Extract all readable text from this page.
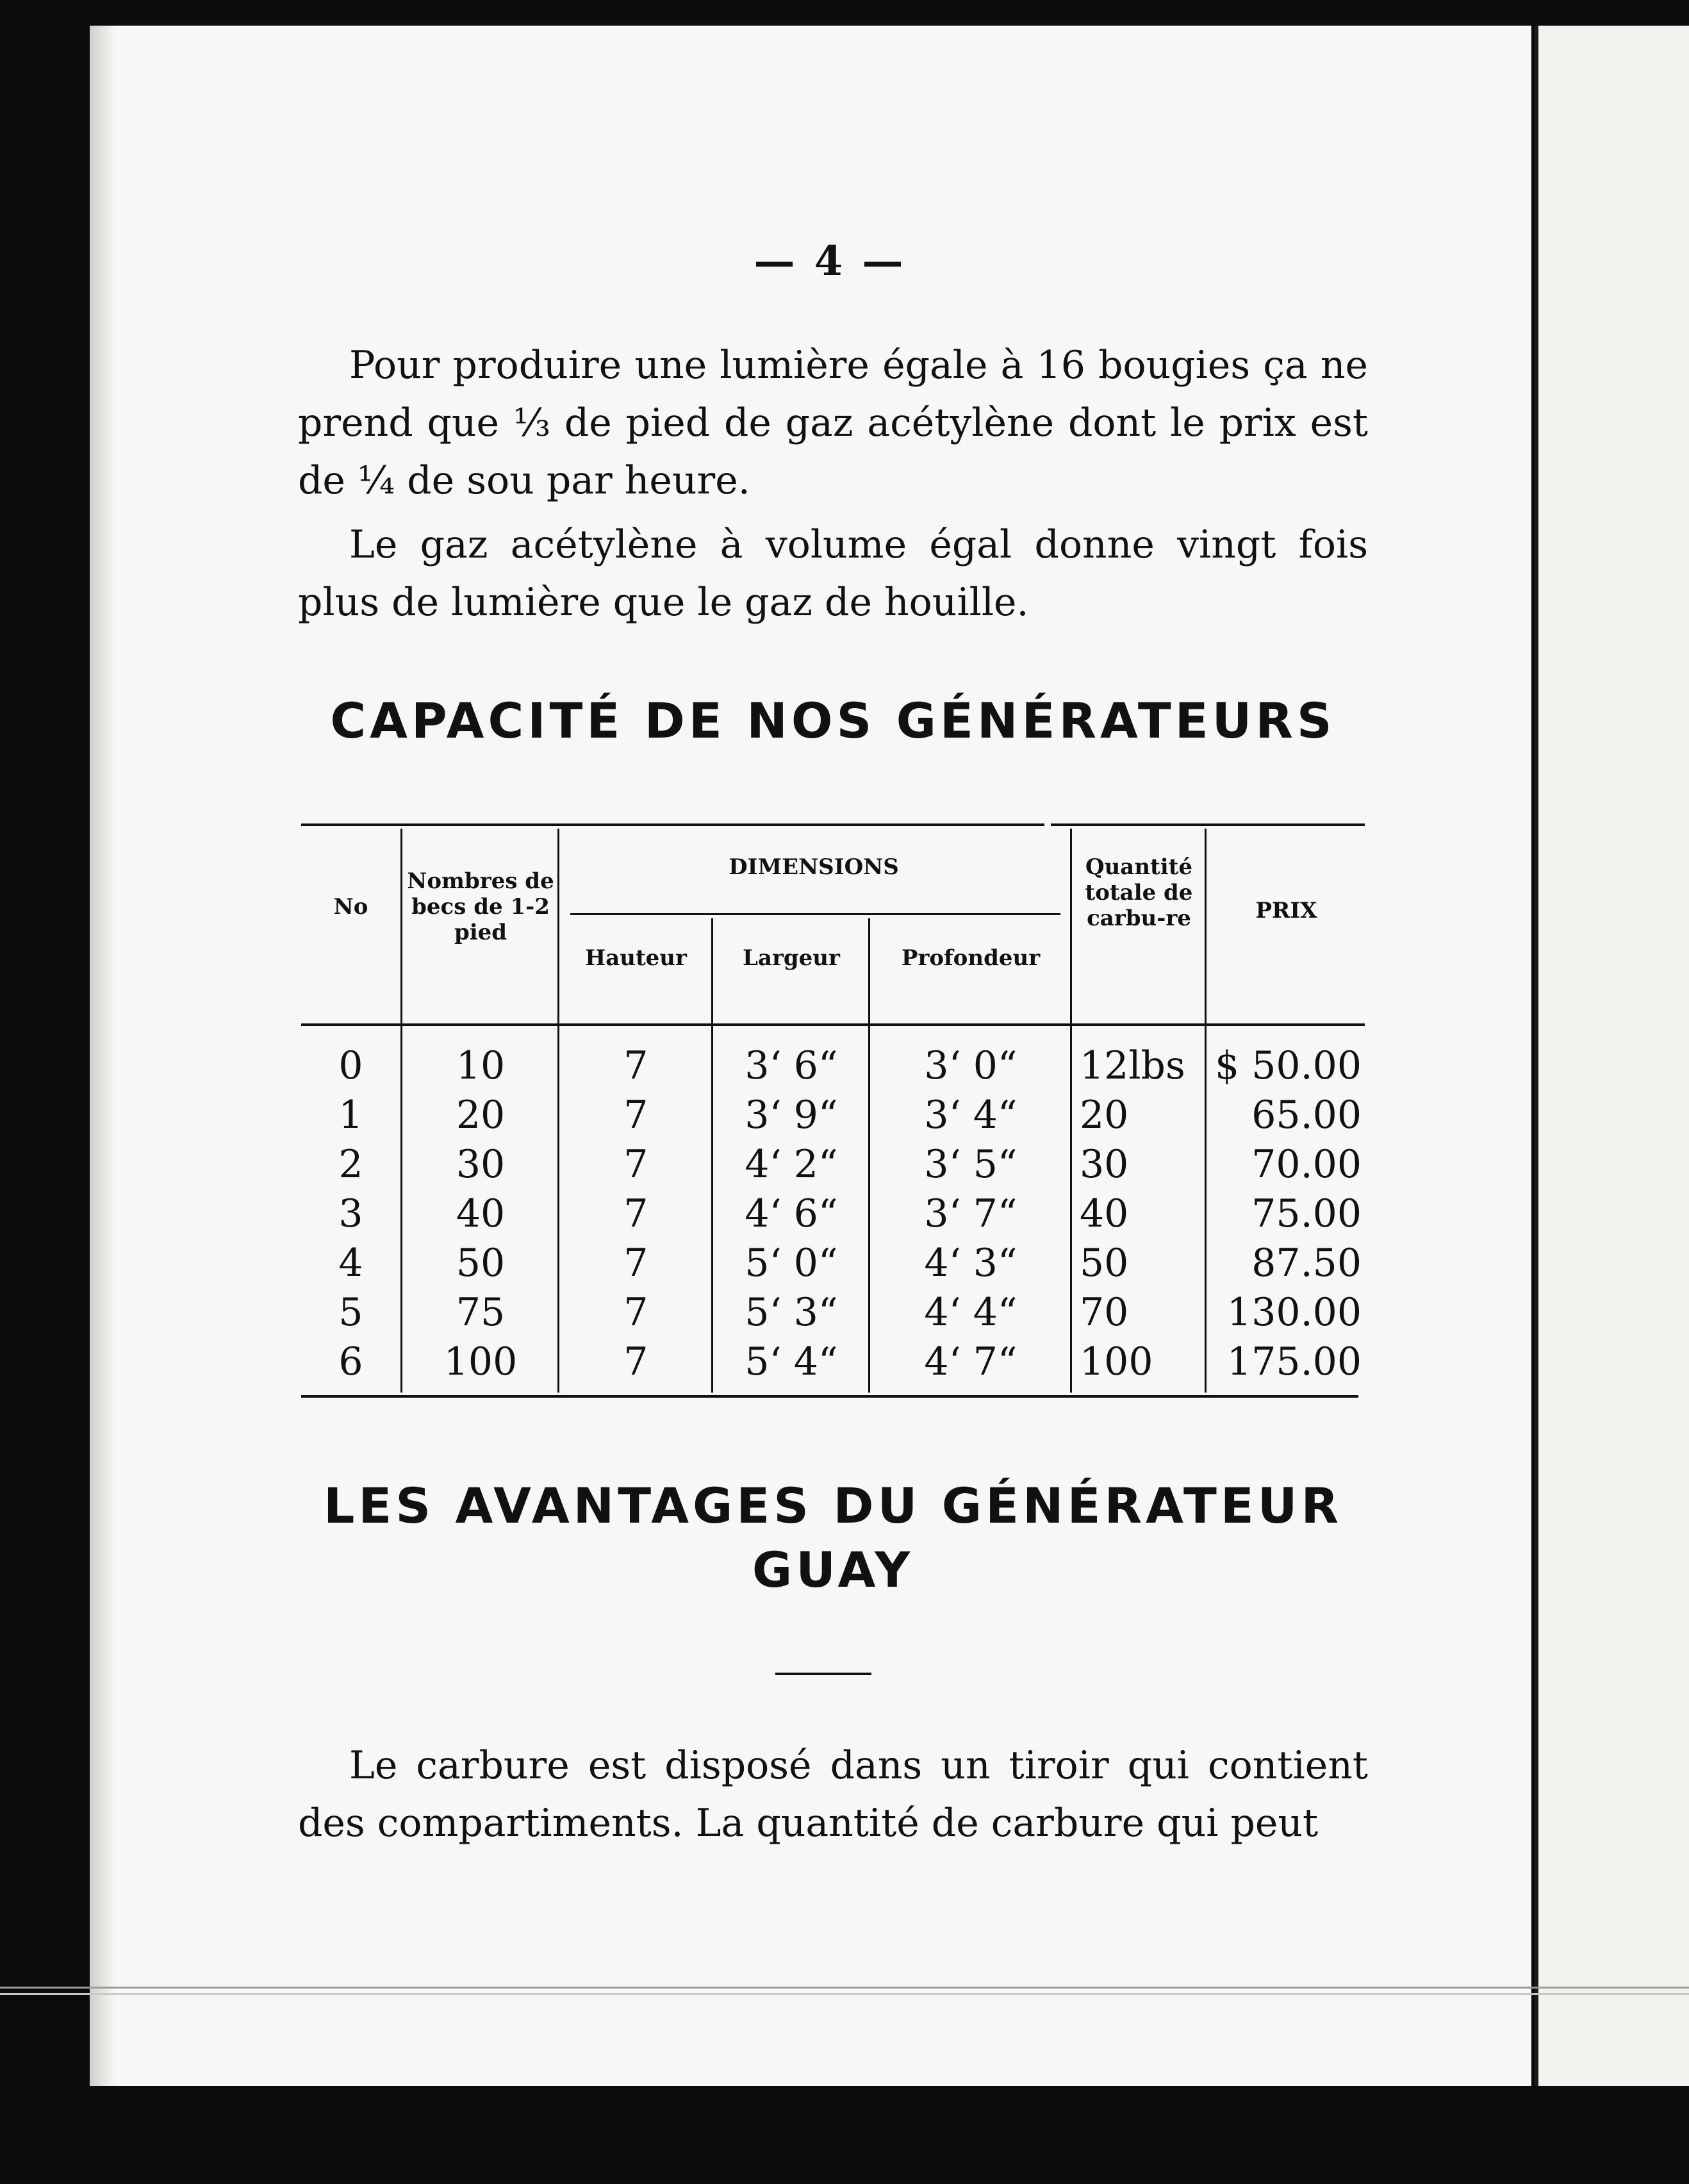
— 4 —

Pour produire une lumière égale à 16 bougies ça ne prend que ⅓ de pied de gaz acétylène dont le prix est de ¼ de sou par heure.

Le gaz acétylène à volume égal donne vingt fois plus de lumière que le gaz de houille.

CAPACITÉ DE NOS GÉNÉRATEURS
No
Nombres de becs de 1-2 pied
DIMENSIONS
Hauteur	Largeur	Profondeur
Quantité totale de carbu-re	PRIX
0	10	7	3‘ 6“	3‘ 0“	12lbs $ 50.00
1	20	7	3‘ 9“	3‘ 4“	20	65.00
2	30	7	4‘ 2“	3‘ 5“	30	70.00
3	40	7	4‘ 6“	3‘ 7“	40	75.00
4	50	7	5‘ 0“	4‘ 3“	50	87.50
5	75	7	5‘ 3“	4‘ 4“	70	130.00
6	100	7	5‘ 4“	4‘ 7“	100	175.00
LES AVANTAGES DU GÉNÉRATEUR
GUAY

Le carbure est disposé dans un tiroir qui contient des compartiments. La quantité de carbure qui peut
